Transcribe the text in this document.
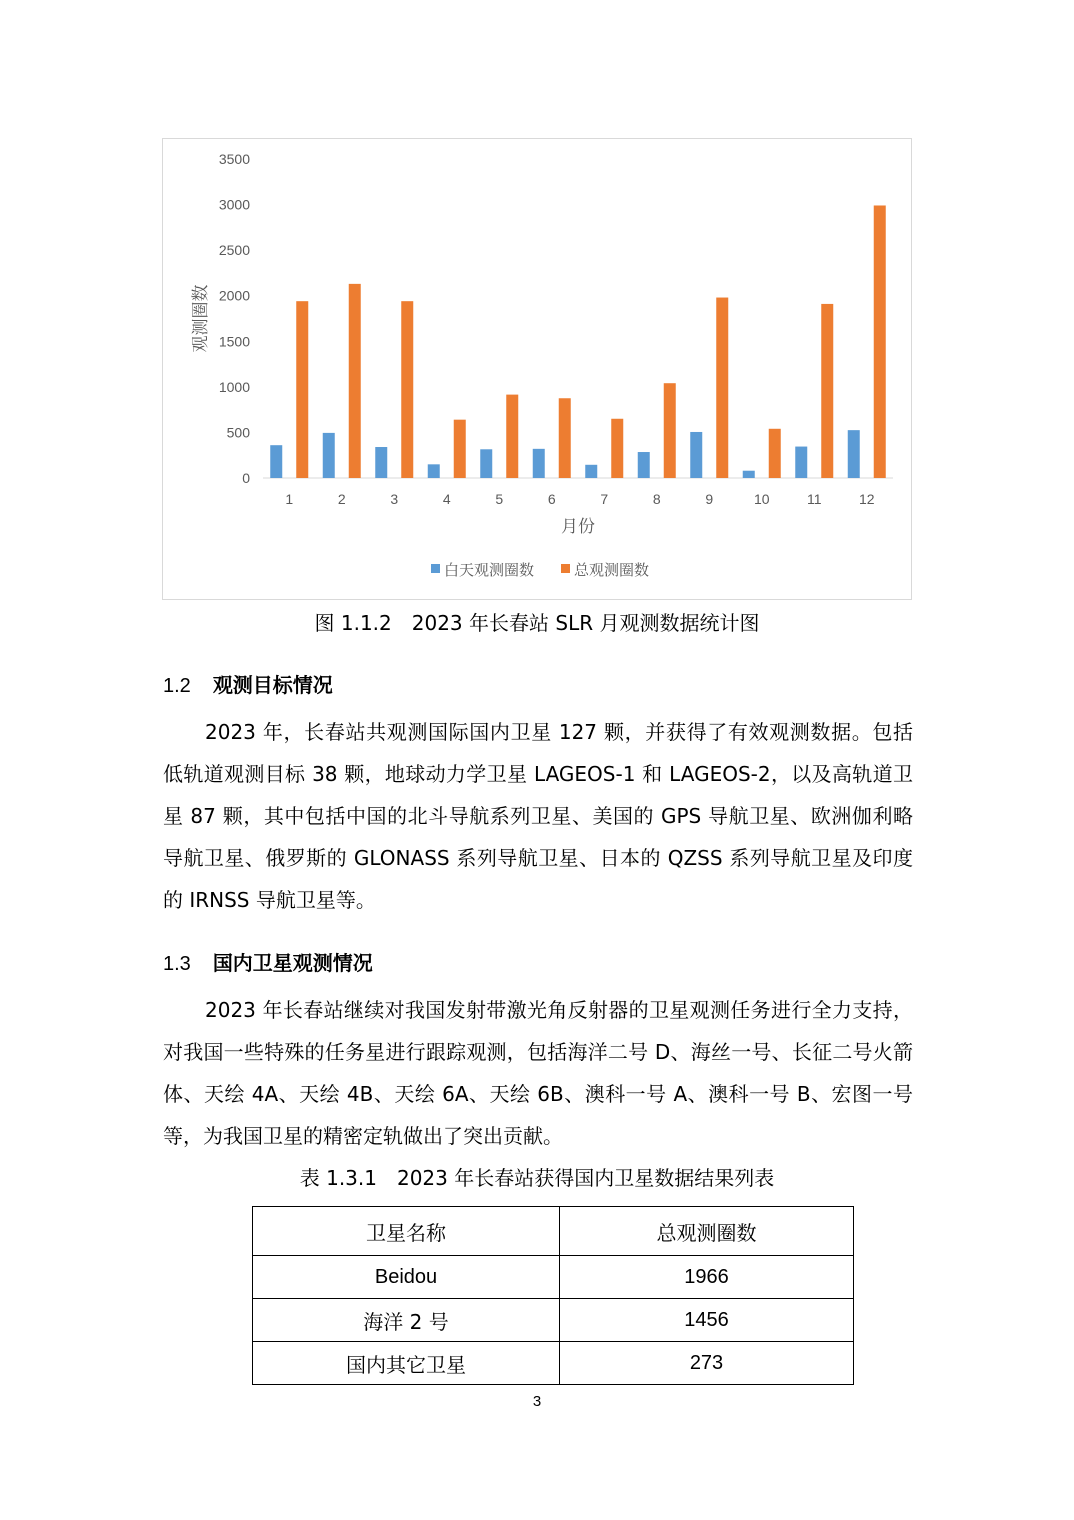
0
500
1000
1500
2000
2500
3000
3500
1	2	3	4	5	6	7	8	9	10	11	12
月份
观测圈数
白天观测圈数	总观测圈数
图 1.1.2　2023 年长春站 SLR 月观测数据统计图
1.2 观测目标情况

2023 年，长春站共观测国际国内卫星 127 颗，并获得了有效观测数据。包括低轨道观测目标 38 颗，地球动力学卫星 LAGEOS-1 和 LAGEOS-2，以及高轨道卫星 87 颗，其中包括中国的北斗导航系列卫星、美国的 GPS 导航卫星、欧洲伽利略导航卫星、俄罗斯的 GLONASS 系列导航卫星、日本的 QZSS 系列导航卫星及印度的 IRNSS 导航卫星等。

1.3 国内卫星观测情况

2023 年长春站继续对我国发射带激光角反射器的卫星观测任务进行全力支持，对我国一些特殊的任务星进行跟踪观测，包括海洋二号 D、海丝一号、长征二号火箭体、天绘 4A、天绘 4B、天绘 6A、天绘 6B、澳科一号 A、澳科一号 B、宏图一号等，为我国卫星的精密定轨做出了突出贡献。

表 1.3.1　2023 年长春站获得国内卫星数据结果列表
卫星名称	总观测圈数
Beidou	1966
海洋 2 号	1456
国内其它卫星	273
3
